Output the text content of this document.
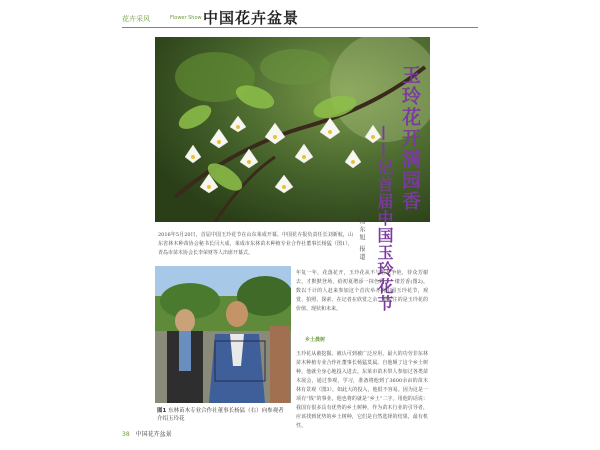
花卉采风	Flower Show 中国花卉盆景
玉玲花开满园香
——记首届中国玉玲花节
杨东旭 报道

2016年5月20日，首届中国玉玲花节在山东莱成开幕。中国花卉报负责任长刘新航，山东省林木种苗协会秘书长闫大成，莱成市东林苗木种植专业合作社董事长杨猛（图1），青岛市苗木协会长李荣财等人出席开幕式。

图1 东林苗木专业合作社董事长杨猛（右）向参观者介绍玉玲花

年复一年，花落花开，玉玲花从不与春花争艳，待众芳谢去，才默默登场，给初夏增添一抹色彩，一缕芳香(图2)。数以千计的人赶来参加这个首次举办的中国玉玲花节，观赏、拍照、探索，在记者在欣赏之余，更关注的是玉玲花的价值、现状和未来。

乡土晨树

玉玲花从被挖掘、被认可到被广泛应用，最大的功劳非东林苗木种植专业合作社董事长杨猛莫属。自他颠了这个乡土树种，他就全身心地投入进去。东莱市苗木带人参加过各类苗木展会，通过参观、学习，准备将他到了3600余亩的苗木林有景观（图3）。如此大的投入，他很不容易。因为这是一项有“钱”的事业，他也将的就是“乡土”二字。用他的话说：我国有很多具有优势的乡土树种，作为苗木行业的引导者，应该找到优势的乡土树种，它们是自然选择的结果，最有机性。

38 中国花卉盆景
